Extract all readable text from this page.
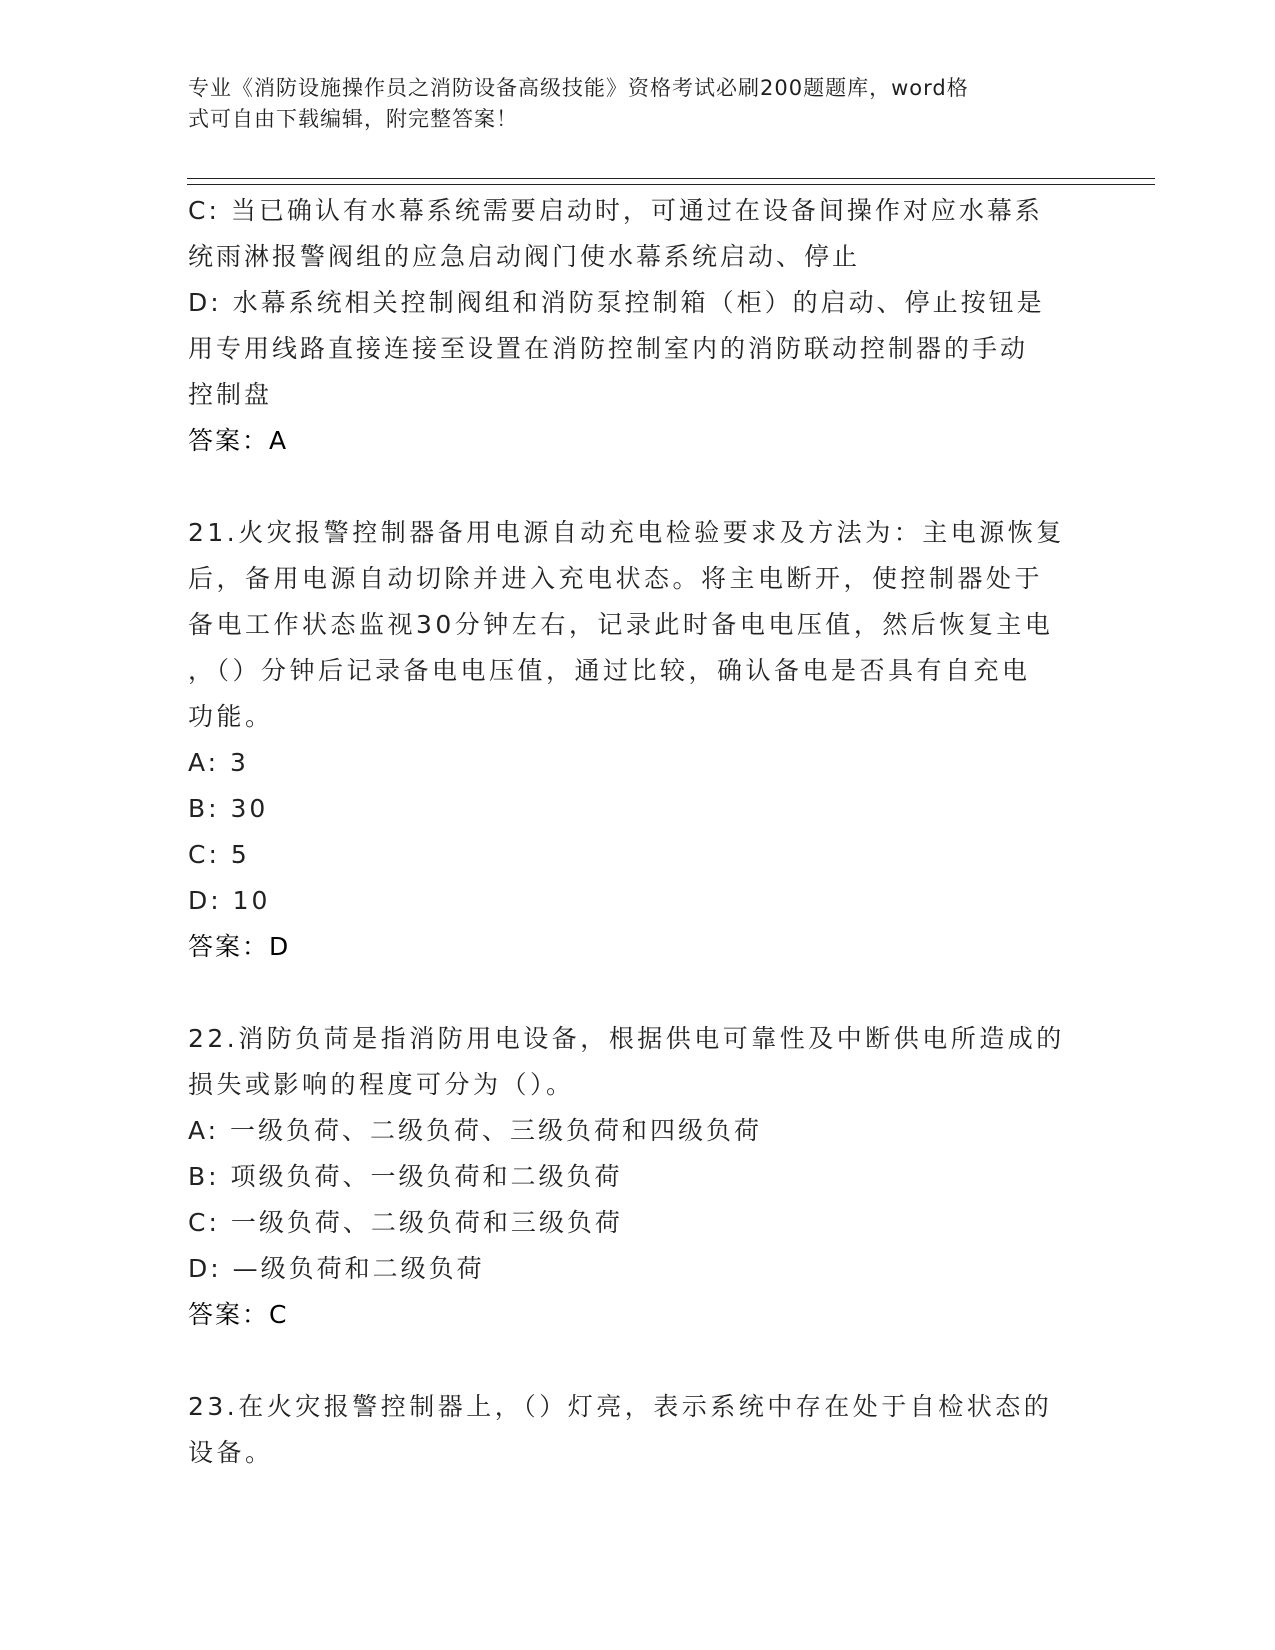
专业《消防设施操作员之消防设备高级技能》资格考试必刷200题题库，word格
式可自由下载编辑，附完整答案！
C: 当已确认有水幕系统需要启动时，可通过在设备间操作对应水幕系
统雨淋报警阀组的应急启动阀门使水幕系统启动、停止
D: 水幕系统相关控制阀组和消防泵控制箱（柜）的启动、停止按钮是
用专用线路直接连接至设置在消防控制室内的消防联动控制器的手动
控制盘
答案：A
21.火灾报警控制器备用电源自动充电检验要求及方法为：主电源恢复
后，备用电源自动切除并进入充电状态。将主电断开，使控制器处于
备电工作状态监视30分钟左右，记录此时备电电压值，然后恢复主电
，（）分钟后记录备电电压值，通过比较，确认备电是否具有自充电
功能。
A: 3
B: 30
C: 5
D: 10
答案：D
22.消防负苘是指消防用电设备，根据供电可靠性及中断供电所造成的
损失或影响的程度可分为（）。
A: 一级负荷、二级负荷、三级负荷和四级负荷
B: 项级负荷、一级负荷和二级负荷
C: 一级负荷、二级负荷和三级负荷
D: —级负荷和二级负荷
答案：C
23.在火灾报警控制器上，（）灯亮，表示系统中存在处于自检状态的
设备。
